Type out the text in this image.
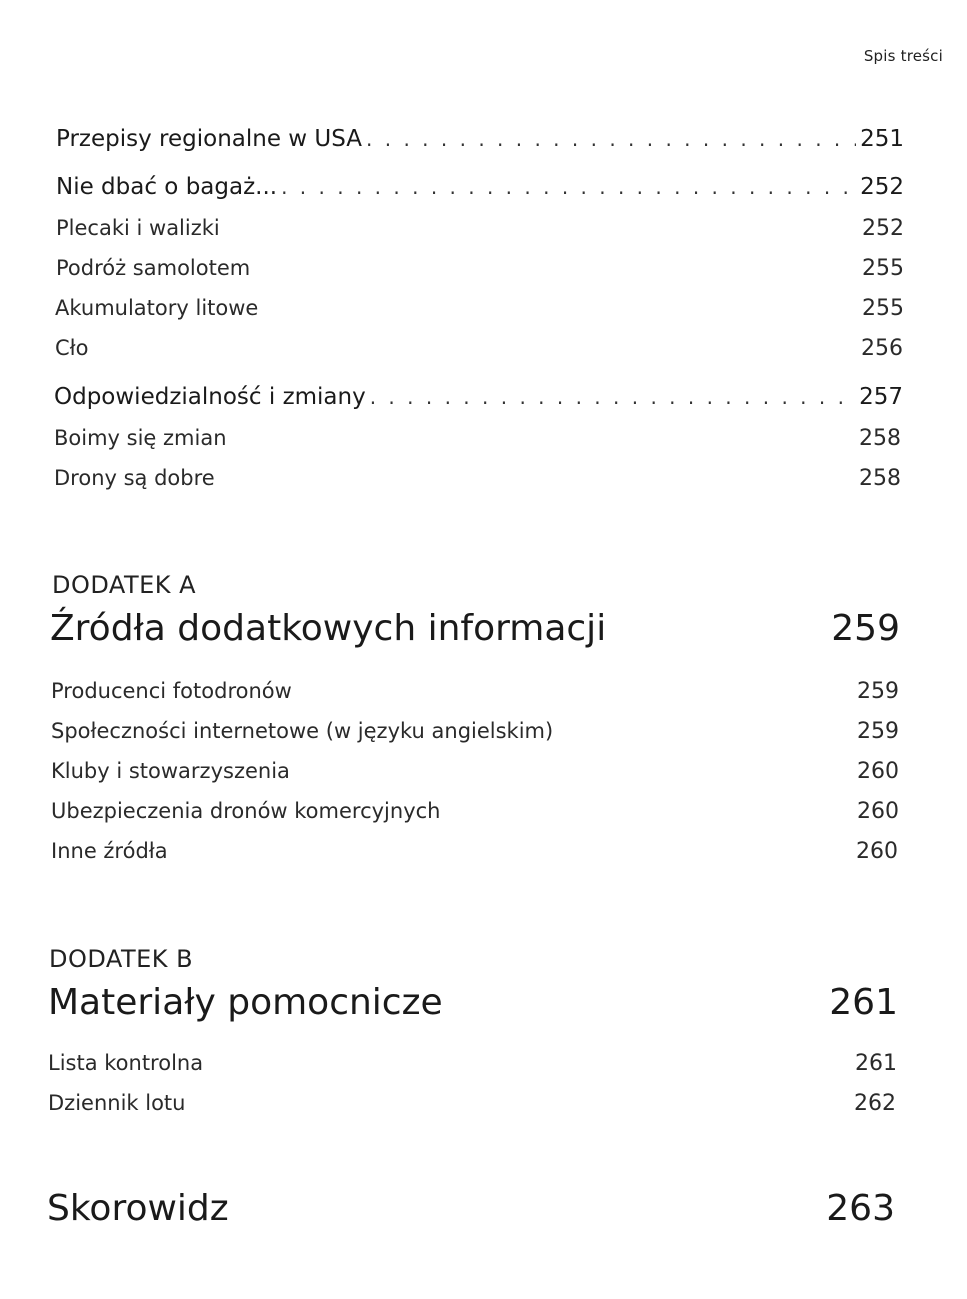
Spis treści
Przepisy regionalne w USA . . .	251
Nie dbać o bagaż... . . .	252
Plecaki i walizki	252
Podróż samolotem	255
Akumulatory litowe	255
Cło	256
Odpowiedzialność i zmiany . . .	257
Boimy się zmian	258
Drony są dobre	258
DODATEK A
Źródła dodatkowych informacji	259
Producenci fotodronów	259
Społeczności internetowe (w języku angielskim)	259
Kluby i stowarzyszenia	260
Ubezpieczenia dronów komercyjnych	260
Inne źródła	260
DODATEK B
Materiały pomocnicze	261
Lista kontrolna	261
Dziennik lotu	262
Skorowidz	263
